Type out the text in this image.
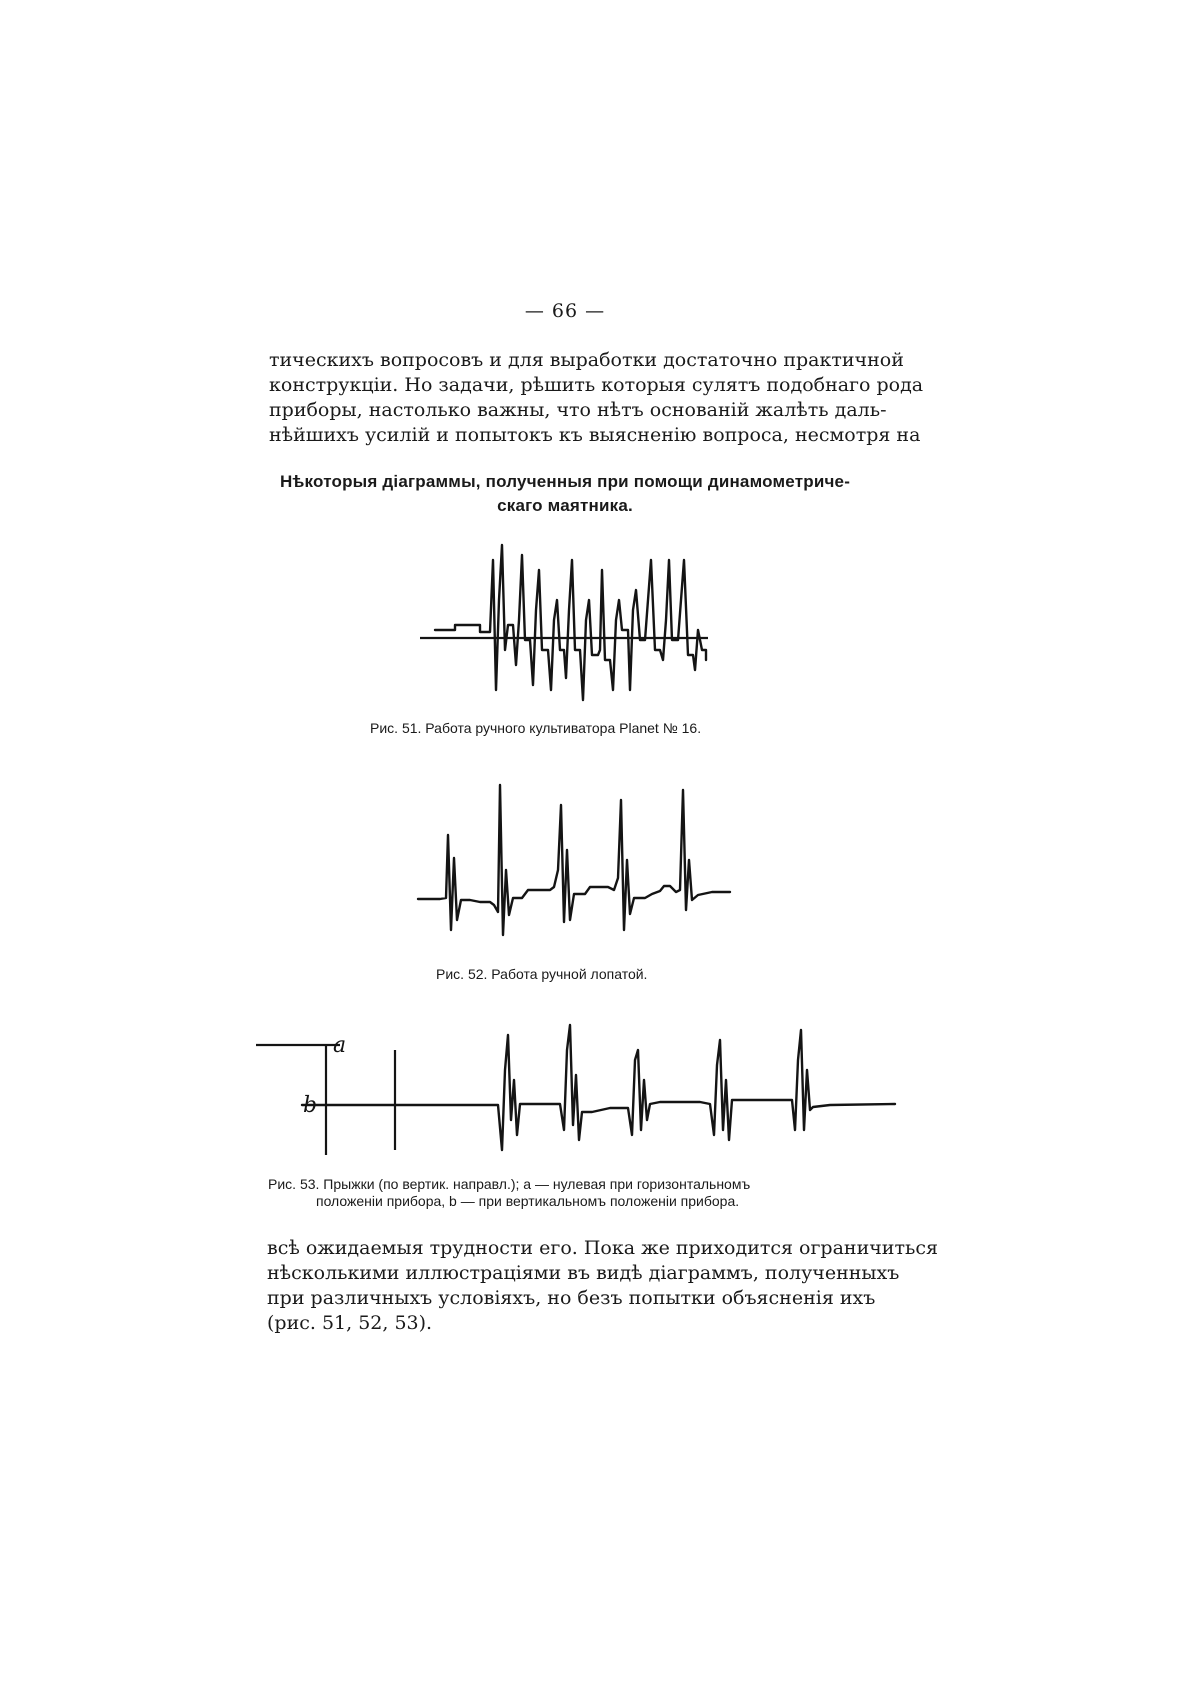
— 66 —

тическихъ вопросовъ и для выработки достаточно практичной
конструкціи. Но задачи, рѣшить которыя сулятъ подобнаго рода
приборы, настолько важны, что нѣтъ основаній жалѣть даль-
нѣйшихъ усилій и попытокъ къ выясненію вопроса, несмотря на

Нѣкоторыя діаграммы, полученныя при помощи динамометриче-
скаго маятника.
a
b
Рис. 51. Работа ручного культиватора Planet № 16.
Рис. 52. Работа ручной лопатой.
Рис. 53. Прыжки (по вертик. направл.); a — нулевая при горизонтальномъ
положеніи прибора, b — при вертикальномъ положеніи прибора.

всѣ ожидаемыя трудности его. Пока же приходится ограничиться
нѣсколькими иллюстраціями въ видѣ діаграммъ, полученныхъ
при различныхъ условіяхъ, но безъ попытки объясненія ихъ
(рис. 51, 52, 53).
